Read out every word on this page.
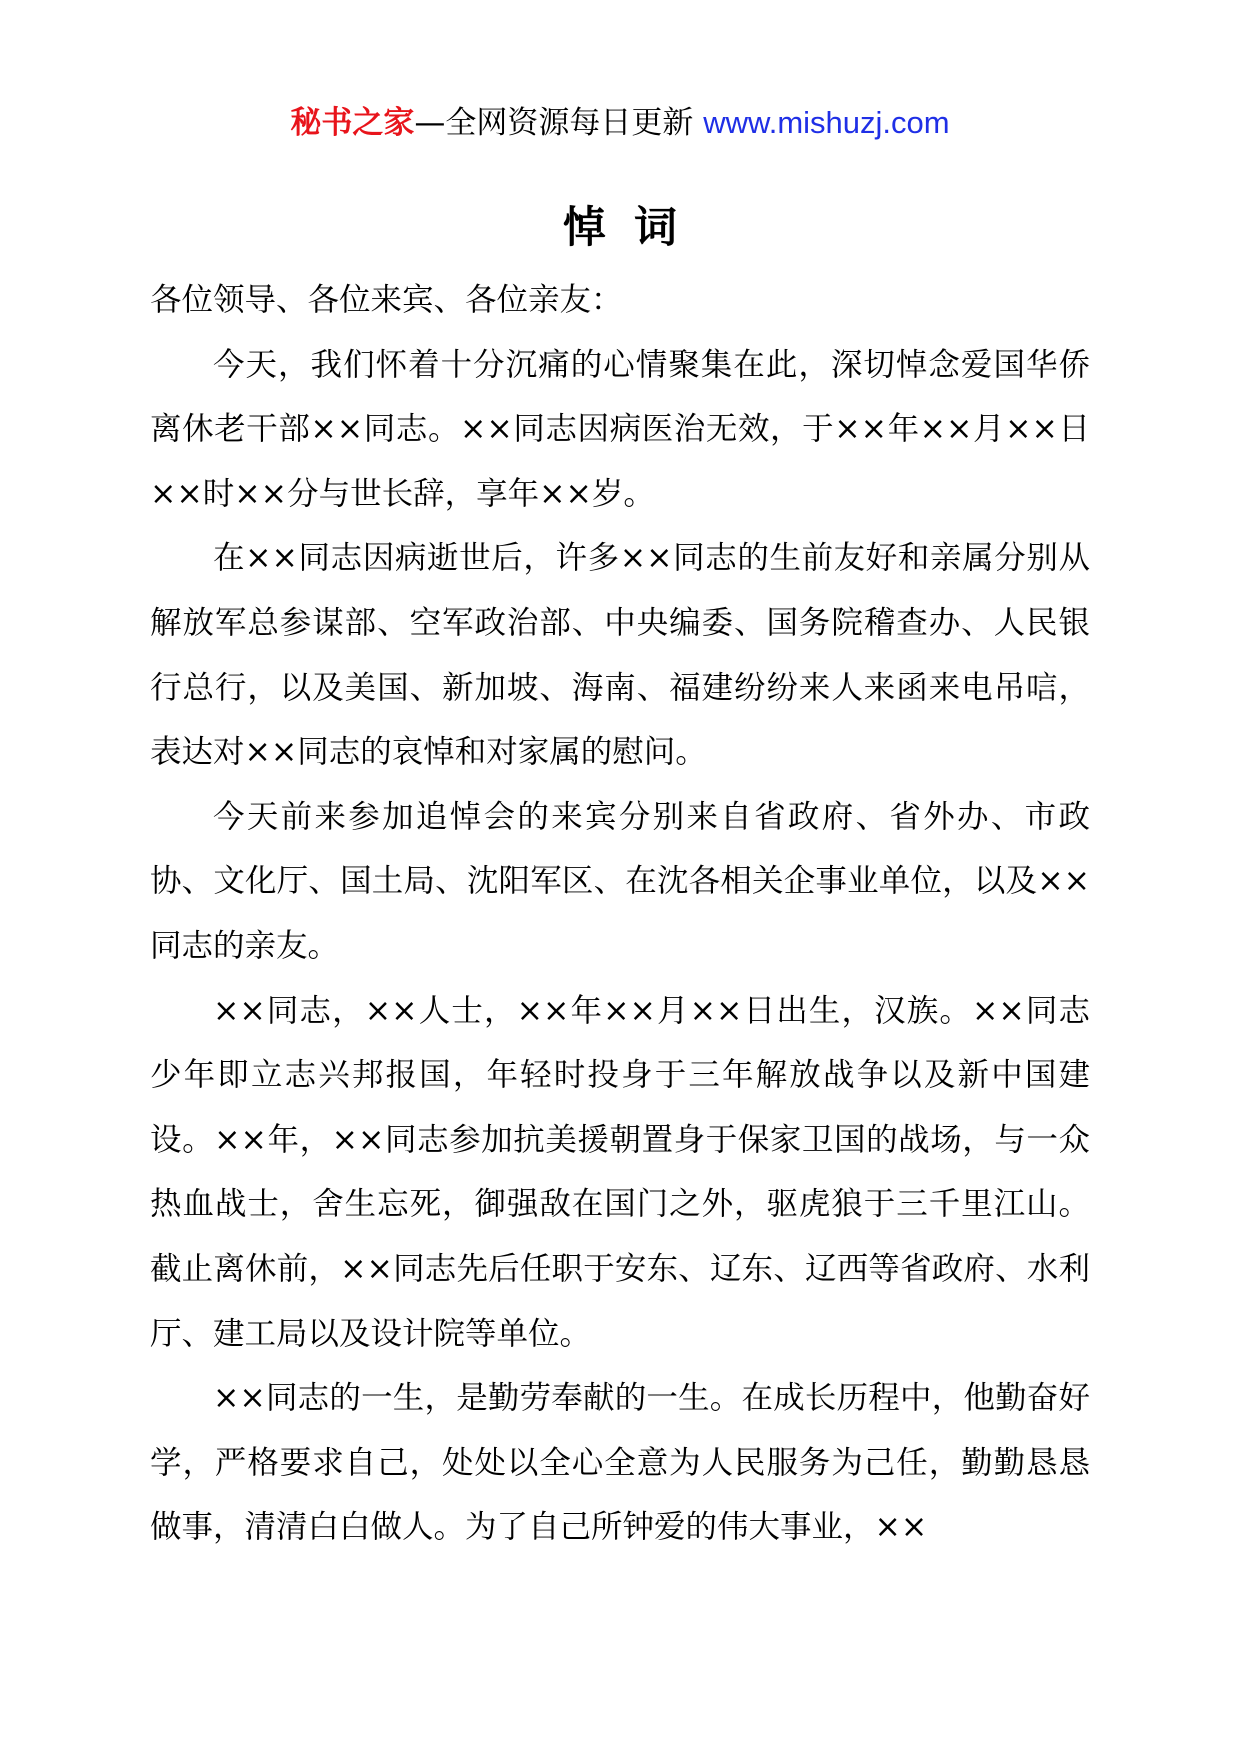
秘书之家—全网资源每日更新 www.mishuzj.com
悼词

各位领导、各位来宾、各位亲友：

今天，我们怀着十分沉痛的心情聚集在此，深切悼念爱国华侨离休老干部××同志。××同志因病医治无效，于××年××月××日××时××分与世长辞，享年××岁。

在××同志因病逝世后，许多××同志的生前友好和亲属分别从解放军总参谋部、空军政治部、中央编委、国务院稽查办、人民银行总行，以及美国、新加坡、海南、福建纷纷来人来函来电吊唁，表达对××同志的哀悼和对家属的慰问。

今天前来参加追悼会的来宾分别来自省政府、省外办、市政协、文化厅、国土局、沈阳军区、在沈各相关企事业单位，以及××同志的亲友。

××同志，××人士，××年××月××日出生，汉族。××同志少年即立志兴邦报国，年轻时投身于三年解放战争以及新中国建设。××年，××同志参加抗美援朝置身于保家卫国的战场，与一众热血战士，舍生忘死，御强敌在国门之外，驱虎狼于三千里江山。截止离休前，××同志先后任职于安东、辽东、辽西等省政府、水利厅、建工局以及设计院等单位。

××同志的一生，是勤劳奉献的一生。在成长历程中，他勤奋好学，严格要求自己，处处以全心全意为人民服务为己任，勤勤恳恳做事，清清白白做人。为了自己所钟爱的伟大事业，××
